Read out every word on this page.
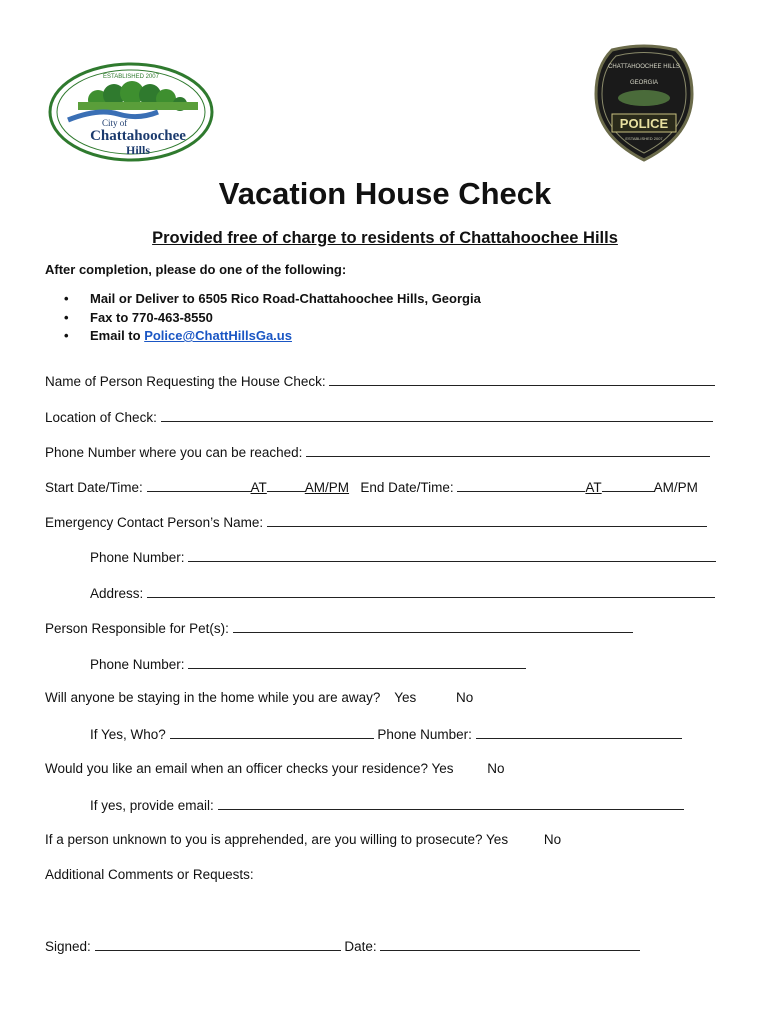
ESTABLISHED 2007
City of
Chattahoochee
Hills
CHATTAHOOCHEE HILLS
GEORGIA
POLICE
ESTABLISHED 2007
Vacation House Check
Provided free of charge to residents of Chattahoochee Hills
After completion, please do one of the following:
• Mail or Deliver to 6505 Rico Road-Chattahoochee Hills, Georgia
• Fax to 770-463-8550
• Email to Police@ChattHillsGa.us
Name of Person Requesting the House Check:
Location of Check:
Phone Number where you can be reached:
Start Date/Time:	AT	AM/PM End Date/Time:	AT	AM/PM
Emergency Contact Person’s Name:
Phone Number:
Address:
Person Responsible for Pet(s):
Phone Number:
Will anyone be staying in the home while you are away? Yes	No
If Yes, Who?	Phone Number:
Would you like an email when an officer checks your residence? Yes	No
If yes, provide email:
If a person unknown to you is apprehended, are you willing to prosecute? Yes	No
Additional Comments or Requests:
Signed:	Date:
